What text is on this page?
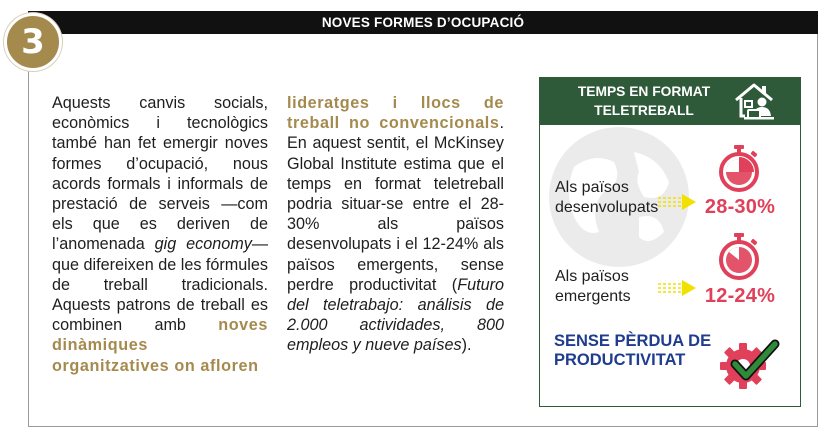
NOVES FORMES D’OCUPACIÓ
3

Aquests canvis socials, econòmics i tecnològics també han fet emergir noves formes d’ocupació, nous acords formals i informals de prestació de serveis —com els que es deriven de l’anomenada gig economy— que difereixen de les fórmules de treball tradicionals. Aquests patrons de treball es combinen amb noves dinàmiques organitzatives on afloren

lideratges i llocs de treball no convencionals. En aquest sentit, el McKinsey Global Institute estima que el temps en format teletreball podria situar-se entre el 28-30% als països desenvolupats i el 12-24% als països emergents, sense perdre productivitat (Futuro del teletrabajo: análisis de 2.000 actividades, 800 empleos y nueve países).

TEMPS EN FORMAT TELETREBALL
Als països desenvolupats	28-30%
Als països emergents	12-24%
SENSE PÈRDUA DE PRODUCTIVITAT
